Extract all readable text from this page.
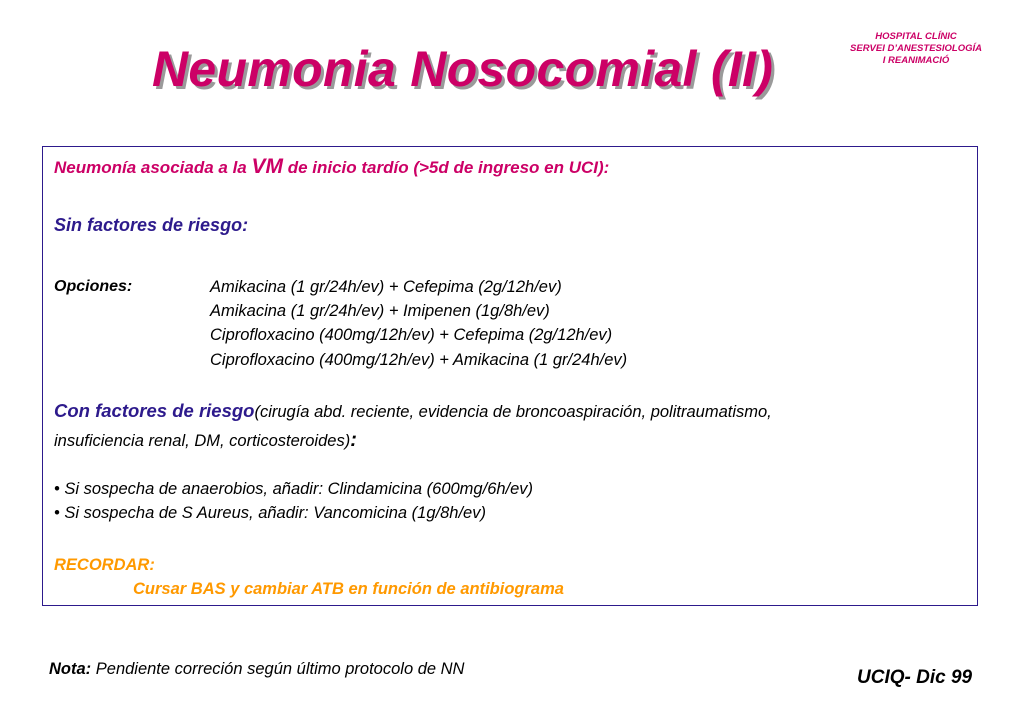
Neumonia Nosocomial (II)
HOSPITAL CLÍNIC
SERVEI D’ANESTESIOLOGÍA
I REANIMACIÓ
Neumonía asociada a la VM de inicio tardío (>5d de ingreso en UCI):
Sin factores de riesgo:
Opciones:	Amikacina (1 gr/24h/ev) + Cefepima (2g/12h/ev)
Amikacina (1 gr/24h/ev) + Imipenen (1g/8h/ev)
Ciprofloxacino (400mg/12h/ev) + Cefepima (2g/12h/ev)
Ciprofloxacino (400mg/12h/ev) + Amikacina (1 gr/24h/ev)
Con factores de riesgo(cirugía abd. reciente, evidencia de broncoaspiración, politraumatismo,
insuficiencia renal, DM, corticosteroides):
• Si sospecha de anaerobios, añadir: Clindamicina (600mg/6h/ev)
• Si sospecha de S Aureus, añadir: Vancomicina (1g/8h/ev)
RECORDAR:
Cursar BAS y cambiar ATB en función de antibiograma
Nota: Pendiente correción según último protocolo de NN	UCIQ- Dic 99
